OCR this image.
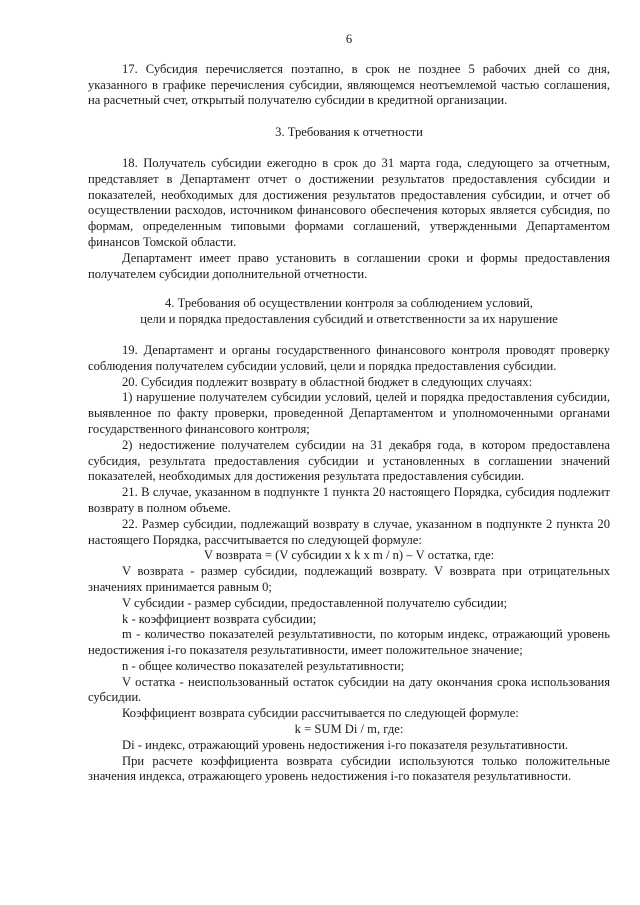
6

17. Субсидия перечисляется поэтапно, в срок не позднее 5 рабочих дней со дня, указанного в графике перечисления субсидии, являющемся неотъемлемой частью соглашения, на расчетный счет, открытый получателю субсидии в кредитной организации.

3. Требования к отчетности

18. Получатель субсидии ежегодно в срок до 31 марта года, следующего за отчетным, представляет в Департамент отчет о достижении результатов предоставления субсидии и показателей, необходимых для достижения результатов предоставления субсидии, и отчет об осуществлении расходов, источником финансового обеспечения которых является субсидия, по формам, определенным типовыми формами соглашений, утвержденными Департаментом финансов Томской области.

Департамент имеет право установить в соглашении сроки и формы предоставления получателем субсидии дополнительной отчетности.

4. Требования об осуществлении контроля за соблюдением условий,
цели и порядка предоставления субсидий и ответственности за их нарушение

19. Департамент и органы государственного финансового контроля проводят проверку соблюдения получателем субсидии условий, цели и порядка предоставления субсидии.

20. Субсидия подлежит возврату в областной бюджет в следующих случаях:

1) нарушение получателем субсидии условий, целей и порядка предоставления субсидии, выявленное по факту проверки, проведенной Департаментом и уполномоченными органами государственного финансового контроля;

2) недостижение получателем субсидии на 31 декабря года, в котором предоставлена субсидия, результата предоставления субсидии и установленных в соглашении значений показателей, необходимых для достижения результата предоставления субсидии.

21. В случае, указанном в подпункте 1 пункта 20 настоящего Порядка, субсидия подлежит возврату в полном объеме.

22. Размер субсидии, подлежащий возврату в случае, указанном в подпункте 2 пункта 20 настоящего Порядка, рассчитывается по следующей формуле:

V возврата = (V субсидии x k x m / n) – V остатка, где:

V возврата - размер субсидии, подлежащий возврату. V возврата при отрицательных значениях принимается равным 0;

V субсидии - размер субсидии, предоставленной получателю субсидии;

k - коэффициент возврата субсидии;

m - количество показателей результативности, по которым индекс, отражающий уровень недостижения i-го показателя результативности, имеет положительное значение;

n - общее количество показателей результативности;

V остатка - неиспользованный остаток субсидии на дату окончания срока использования субсидии.

Коэффициент возврата субсидии рассчитывается по следующей формуле:

k = SUM Di / m, где:

Di - индекс, отражающий уровень недостижения i-го показателя результативности.

При расчете коэффициента возврата субсидии используются только положительные значения индекса, отражающего уровень недостижения i-го показателя результативности.
